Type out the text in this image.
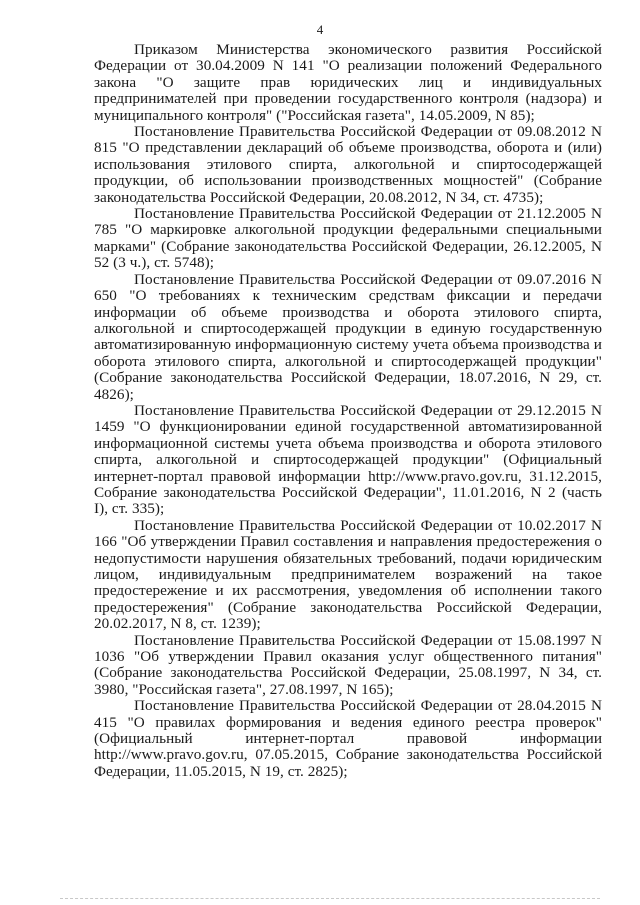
4

Приказом Министерства экономического развития Российской Федерации от 30.04.2009 N 141 "О реализации положений Федерального закона "О защите прав юридических лиц и индивидуальных предпринимателей при проведении государственного контроля (надзора) и муниципального контроля" ("Российская газета", 14.05.2009, N 85);

Постановление Правительства Российской Федерации от 09.08.2012 N 815 "О представлении деклараций об объеме производства, оборота и (или) использования этилового спирта, алкогольной и спиртосодержащей продукции, об использовании производственных мощностей" (Собрание законодательства Российской Федерации, 20.08.2012, N 34, ст. 4735);

Постановление Правительства Российской Федерации от 21.12.2005 N 785 "О маркировке алкогольной продукции федеральными специальными марками" (Собрание законодательства Российской Федерации, 26.12.2005, N 52 (3 ч.), ст. 5748);

Постановление Правительства Российской Федерации от 09.07.2016 N 650 "О требованиях к техническим средствам фиксации и передачи информации об объеме производства и оборота этилового спирта, алкогольной и спиртосодержащей продукции в единую государственную автоматизированную информационную систему учета объема производства и оборота этилового спирта, алкогольной и спиртосодержащей продукции" (Собрание законодательства Российской Федерации, 18.07.2016, N 29, ст. 4826);

Постановление Правительства Российской Федерации от 29.12.2015 N 1459 "О функционировании единой государственной автоматизированной информационной системы учета объема производства и оборота этилового спирта, алкогольной и спиртосодержащей продукции" (Официальный интернет-портал правовой информации http://www.pravo.gov.ru, 31.12.2015, Собрание законодательства Российской Федерации", 11.01.2016, N 2 (часть I), ст. 335);

Постановление Правительства Российской Федерации от 10.02.2017 N 166 "Об утверждении Правил составления и направления предостережения о недопустимости нарушения обязательных требований, подачи юридическим лицом, индивидуальным предпринимателем возражений на такое предостережение и их рассмотрения, уведомления об исполнении такого предостережения" (Собрание законодательства Российской Федерации, 20.02.2017, N 8, ст. 1239);

Постановление Правительства Российской Федерации от 15.08.1997 N 1036 "Об утверждении Правил оказания услуг общественного питания" (Собрание законодательства Российской Федерации, 25.08.1997, N 34, ст. 3980, "Российская газета", 27.08.1997, N 165);

Постановление Правительства Российской Федерации от 28.04.2015 N 415 "О правилах формирования и ведения единого реестра проверок" (Официальный интернет-портал правовой информации http://www.pravo.gov.ru, 07.05.2015, Собрание законодательства Российской Федерации, 11.05.2015, N 19, ст. 2825);
